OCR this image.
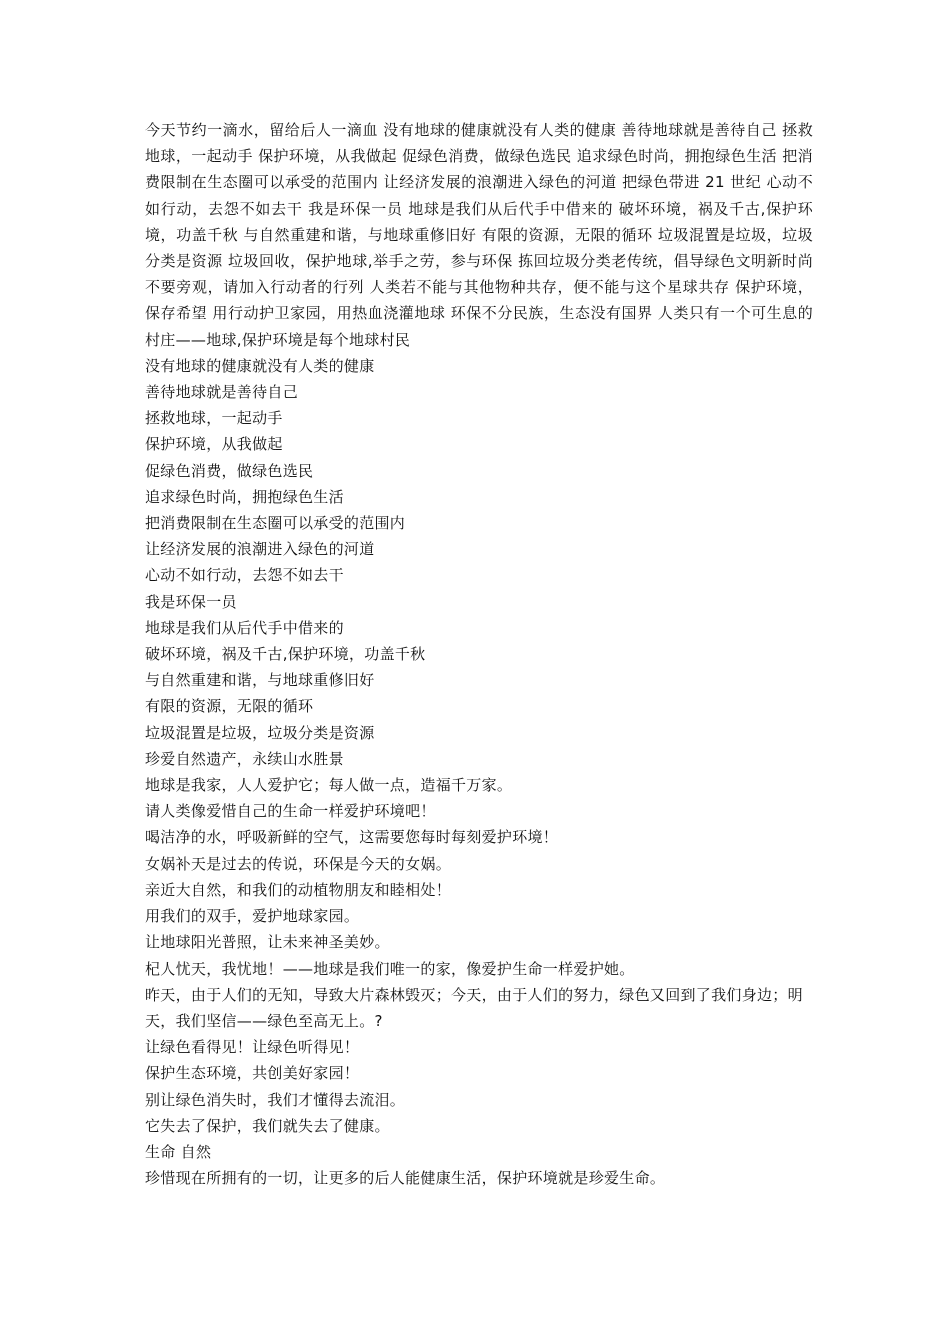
今天节约一滴水，留给后人一滴血 没有地球的健康就没有人类的健康 善待地球就是善待自己 拯救地球，一起动手 保护环境，从我做起 促绿色消费，做绿色选民 追求绿色时尚，拥抱绿色生活 把消费限制在生态圈可以承受的范围内 让经济发展的浪潮进入绿色的河道 把绿色带进 21 世纪 心动不如行动，去怨不如去干 我是环保一员 地球是我们从后代手中借来的 破坏环境，祸及千古,保护环境，功盖千秋 与自然重建和谐，与地球重修旧好 有限的资源，无限的循环 垃圾混置是垃圾，垃圾分类是资源 垃圾回收，保护地球,举手之劳，参与环保 拣回垃圾分类老传统，倡导绿色文明新时尚 不要旁观，请加入行动者的行列 人类若不能与其他物种共存，便不能与这个星球共存 保护环境，保存希望 用行动护卫家园，用热血浇灌地球 环保不分民族，生态没有国界 人类只有一个可生息的村庄——地球,保护环境是每个地球村民

没有地球的健康就没有人类的健康

善待地球就是善待自己

拯救地球，一起动手

保护环境，从我做起

促绿色消费，做绿色选民

追求绿色时尚，拥抱绿色生活

把消费限制在生态圈可以承受的范围内

让经济发展的浪潮进入绿色的河道

心动不如行动，去怨不如去干

我是环保一员

地球是我们从后代手中借来的

破坏环境，祸及千古,保护环境，功盖千秋

与自然重建和谐，与地球重修旧好

有限的资源，无限的循环

垃圾混置是垃圾，垃圾分类是资源

珍爱自然遗产，永续山水胜景

地球是我家，人人爱护它；每人做一点，造福千万家。

请人类像爱惜自己的生命一样爱护环境吧！

喝洁净的水，呼吸新鲜的空气，这需要您每时每刻爱护环境！

女娲补天是过去的传说，环保是今天的女娲。

亲近大自然，和我们的动植物朋友和睦相处！

用我们的双手，爱护地球家园。

让地球阳光普照，让未来神圣美妙。

杞人忧天，我忧地！——地球是我们唯一的家，像爱护生命一样爱护她。

昨天，由于人们的无知，导致大片森林毁灭；今天，由于人们的努力，绿色又回到了我们身边；明天，我们坚信——绿色至高无上。?

让绿色看得见！让绿色听得见！

保护生态环境，共创美好家园！

别让绿色消失时，我们才懂得去流泪。

它失去了保护，我们就失去了健康。

生命 自然

珍惜现在所拥有的一切，让更多的后人能健康生活，保护环境就是珍爱生命。
